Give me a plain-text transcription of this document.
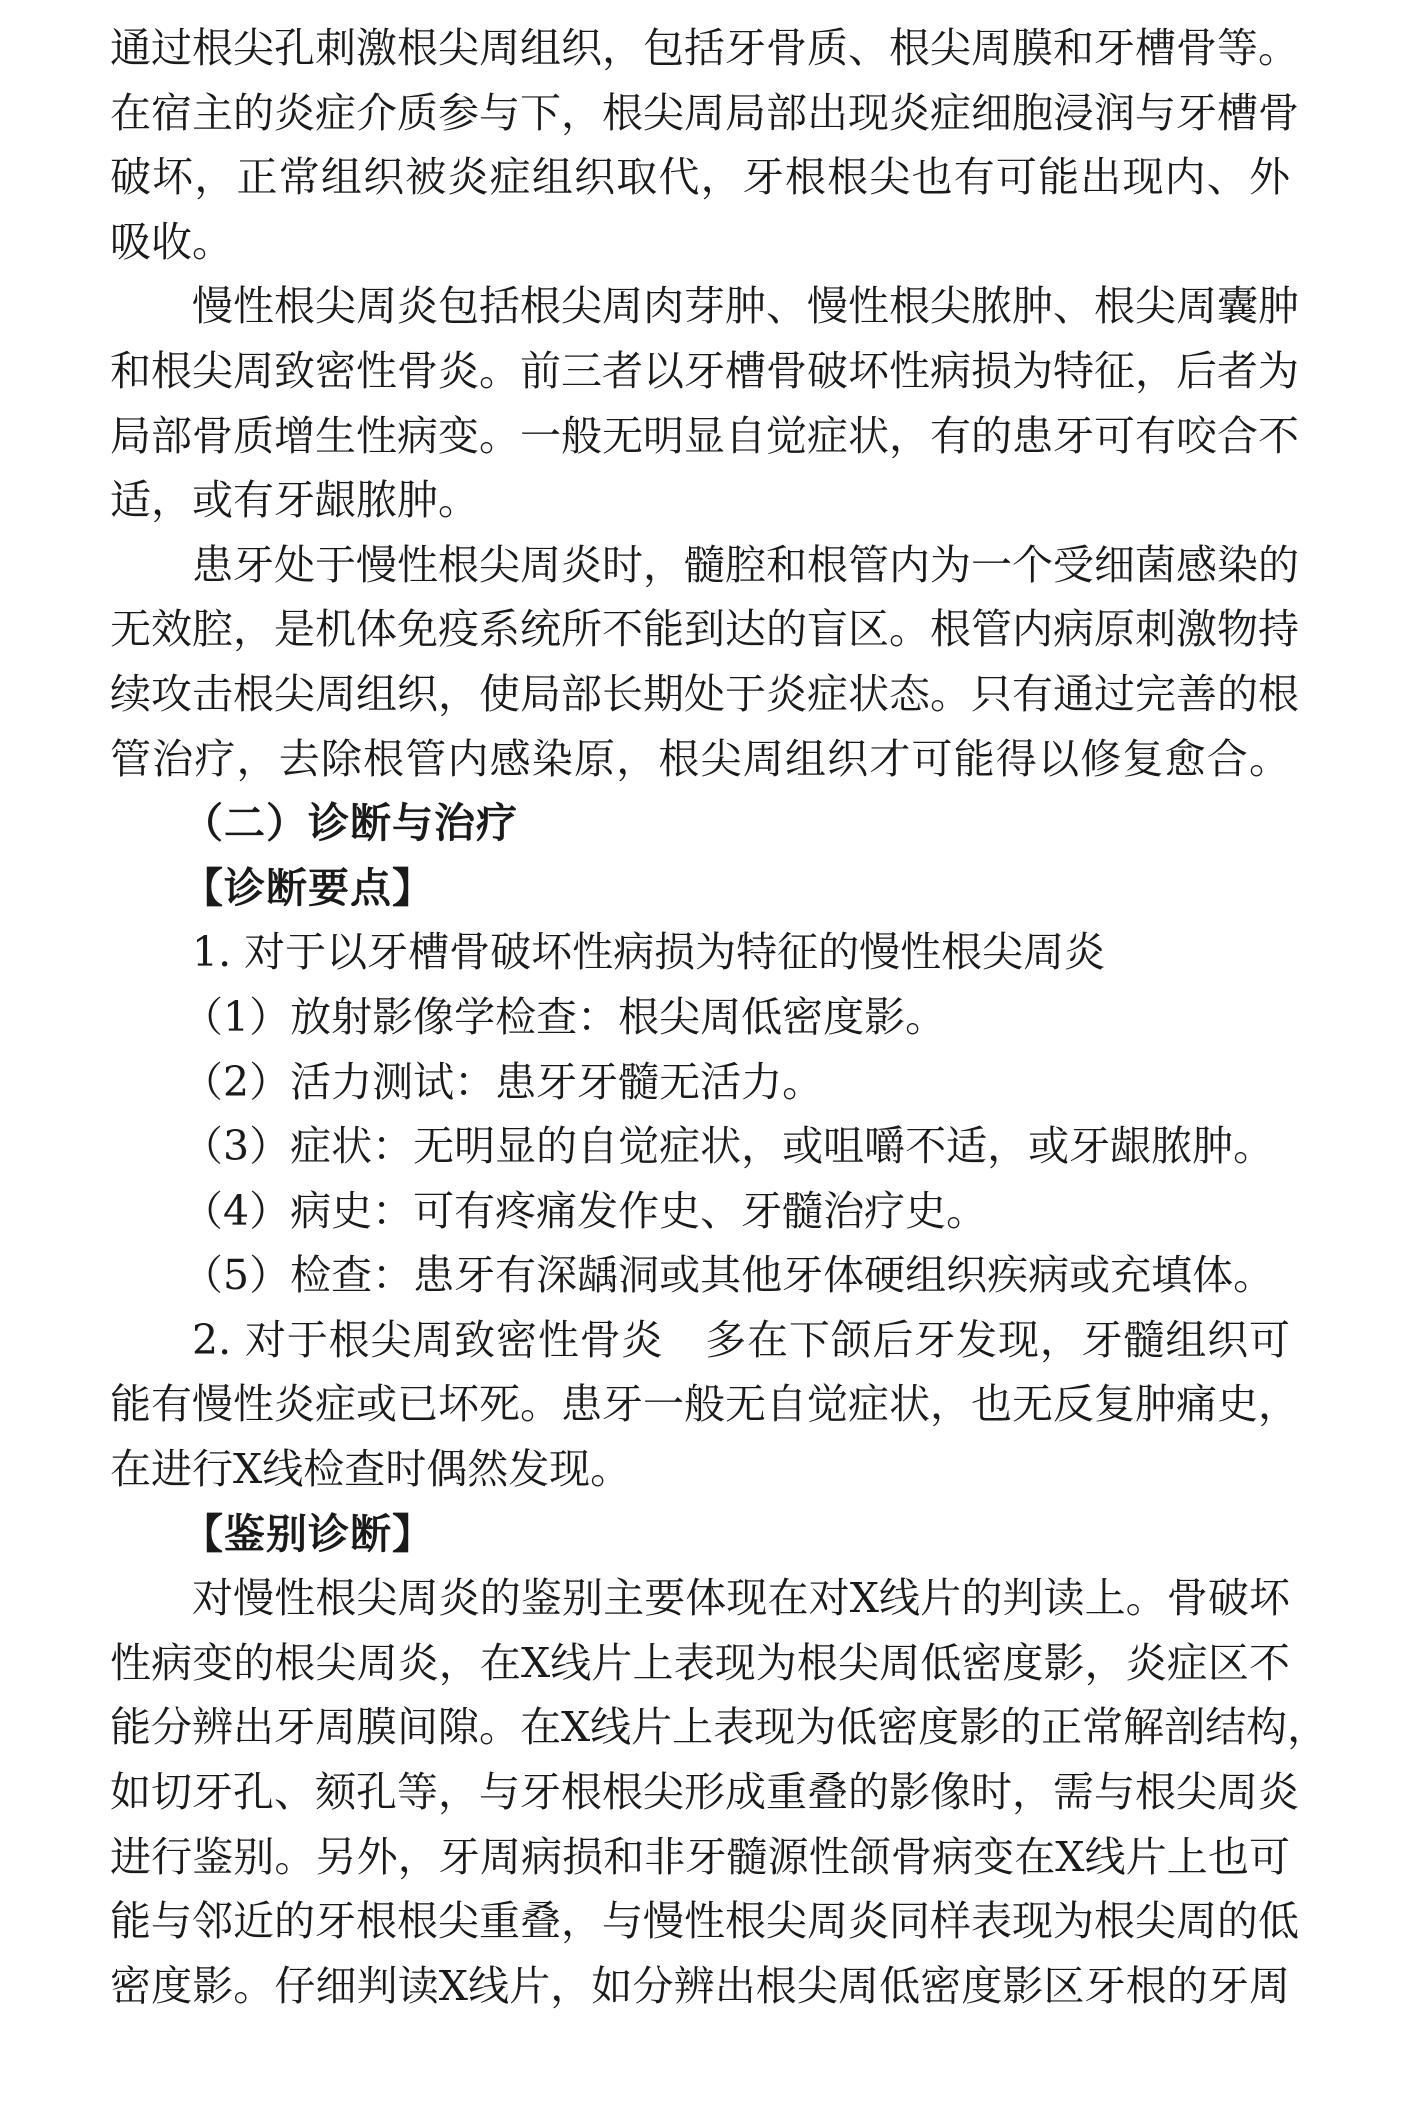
通过根尖孔刺激根尖周组织，包括牙骨质、根尖周膜和牙槽骨等。
在宿主的炎症介质参与下，根尖周局部出现炎症细胞浸润与牙槽骨
破坏，正常组织被炎症组织取代，牙根根尖也有可能出现内、外
吸收。
慢性根尖周炎包括根尖周肉芽肿、慢性根尖脓肿、根尖周囊肿
和根尖周致密性骨炎。前三者以牙槽骨破坏性病损为特征，后者为
局部骨质增生性病变。一般无明显自觉症状，有的患牙可有咬合不
适，或有牙龈脓肿。
患牙处于慢性根尖周炎时，髓腔和根管内为一个受细菌感染的
无效腔，是机体免疫系统所不能到达的盲区。根管内病原刺激物持
续攻击根尖周组织，使局部长期处于炎症状态。只有通过完善的根
管治疗，去除根管内感染原，根尖周组织才可能得以修复愈合。
（二）诊断与治疗
【诊断要点】
1. 对于以牙槽骨破坏性病损为特征的慢性根尖周炎
（1）放射影像学检查：根尖周低密度影。
（2）活力测试：患牙牙髓无活力。
（3）症状：无明显的自觉症状，或咀嚼不适，或牙龈脓肿。
（4）病史：可有疼痛发作史、牙髓治疗史。
（5）检查：患牙有深龋洞或其他牙体硬组织疾病或充填体。
2. 对于根尖周致密性骨炎　多在下颌后牙发现，牙髓组织可
能有慢性炎症或已坏死。患牙一般无自觉症状，也无反复肿痛史，
在进行X线检查时偶然发现。
【鉴别诊断】
对慢性根尖周炎的鉴别主要体现在对X线片的判读上。骨破坏
性病变的根尖周炎，在X线片上表现为根尖周低密度影，炎症区不
能分辨出牙周膜间隙。在X线片上表现为低密度影的正常解剖结构，
如切牙孔、颏孔等，与牙根根尖形成重叠的影像时，需与根尖周炎
进行鉴别。另外，牙周病损和非牙髓源性颌骨病变在X线片上也可
能与邻近的牙根根尖重叠，与慢性根尖周炎同样表现为根尖周的低
密度影。仔细判读X线片，如分辨出根尖周低密度影区牙根的牙周
